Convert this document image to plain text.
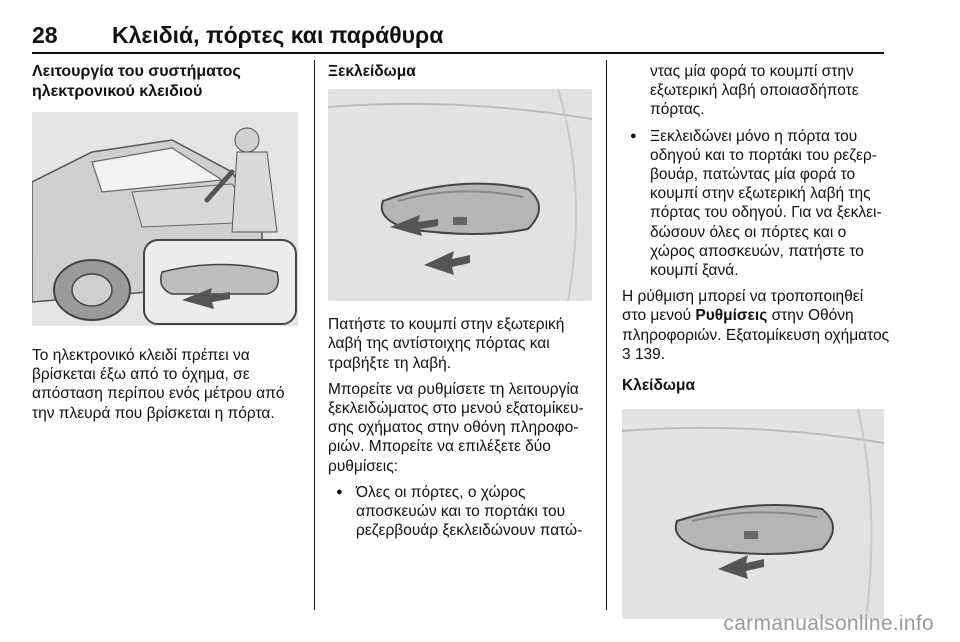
28 Κλειδιά, πόρτες και παράθυρα

Λειτουργία του συστήματος ηλεκτρονικού κλειδιού

Το ηλεκτρονικό κλειδί πρέπει να βρίσκεται έξω από το όχημα, σε απόσταση περίπου ενός μέτρου από την πλευρά που βρίσκεται η πόρτα.

Ξεκλείδωμα

Πατήστε το κουμπί στην εξωτερική λαβή της αντίστοιχης πόρτας και τραβήξτε τη λαβή.

Μπορείτε να ρυθμίσετε τη λειτουργία ξεκλειδώματος στο μενού εξατομίκευ-σης οχήματος στην οθόνη πληροφο-ριών. Μπορείτε να επιλέξετε δύο ρυθμίσεις:

● Όλες οι πόρτες, ο χώρος αποσκευών και το πορτάκι του ρεζερβουάρ ξεκλειδώνουν πατώ-

ντας μία φορά το κουμπί στην εξωτερική λαβή οποιασδήποτε πόρτας.

● Ξεκλειδώνει μόνο η πόρτα του οδηγού και το πορτάκι του ρεζερ-βουάρ, πατώντας μία φορά το κουμπί στην εξωτερική λαβή της πόρτας του οδηγού. Για να ξεκλει-δώσουν όλες οι πόρτες και ο χώρος αποσκευών, πατήστε το κουμπί ξανά.

Η ρύθμιση μπορεί να τροποποιηθεί στο μενού Ρυθμίσεις στην Οθόνη πληροφοριών. Εξατομίκευση οχήματος 3 139.

Κλείδωμα

carmanualsonline.info
